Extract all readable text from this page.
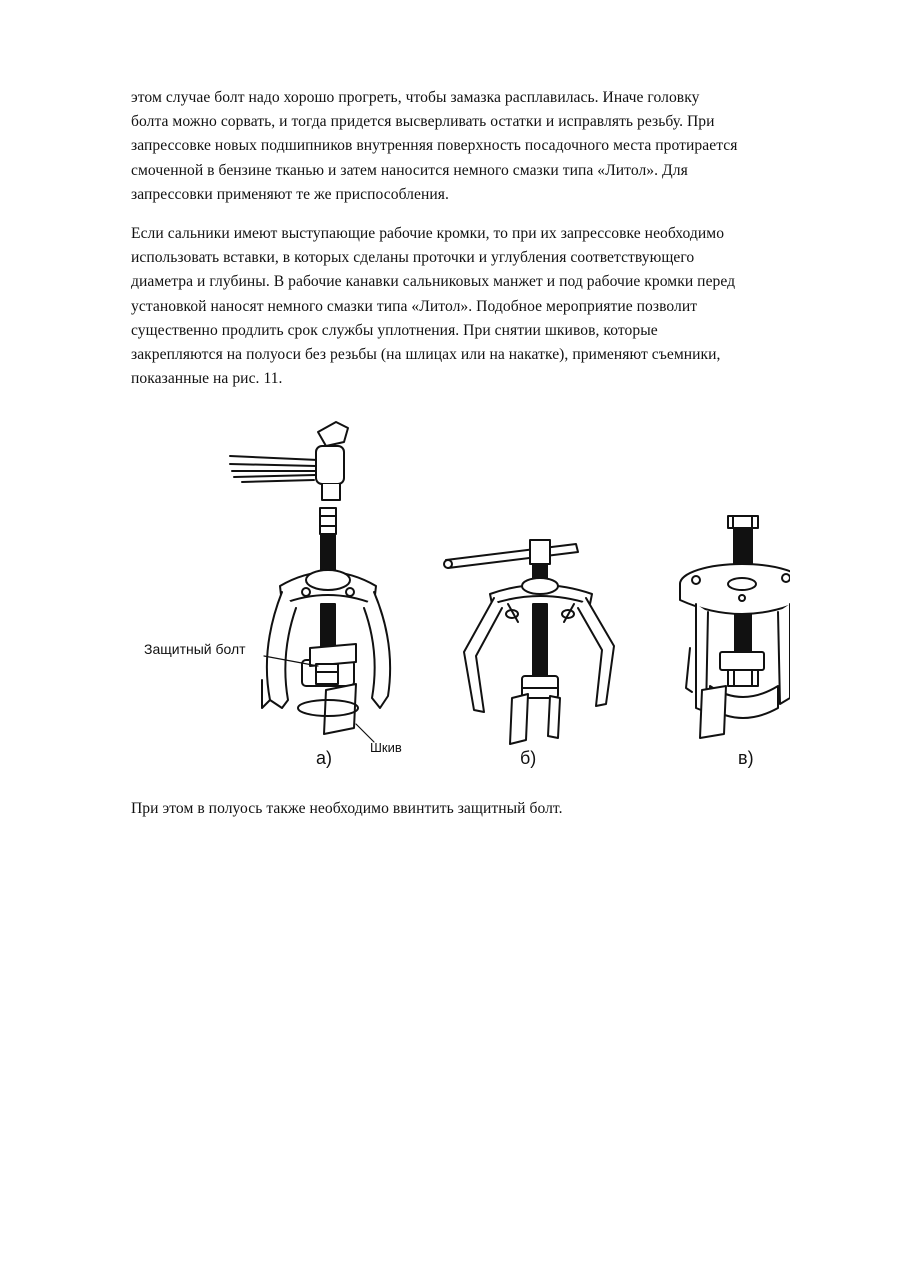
этом случае болт надо хорошо прогреть, чтобы замазка расплавилась. Иначе головку
болта можно сорвать, и тогда придется высверливать остатки и исправлять резьбу. При
запрессовке новых подшипников внутренняя поверхность посадочного места протирается
смоченной в бензине тканью и затем наносится немного смазки типа «Литол». Для
запрессовки применяют те же приспособления.

Если сальники имеют выступающие рабочие кромки, то при их запрессовке необходимо
использовать вставки, в которых сделаны проточки и углубления соответствующего
диаметра и глубины. В рабочие канавки сальниковых манжет и под рабочие кромки перед
установкой наносят немного смазки типа «Литол». Подобное мероприятие позволит
существенно продлить срок службы уплотнения. При снятии шкивов, которые
закрепляются на полуоси без резьбы (на шлицах или на накатке), применяют съемники,
показанные на рис. 11.

Защитный болт
Шкив
а)	б)	в)

При этом в полуось также необходимо ввинтить защитный болт.
